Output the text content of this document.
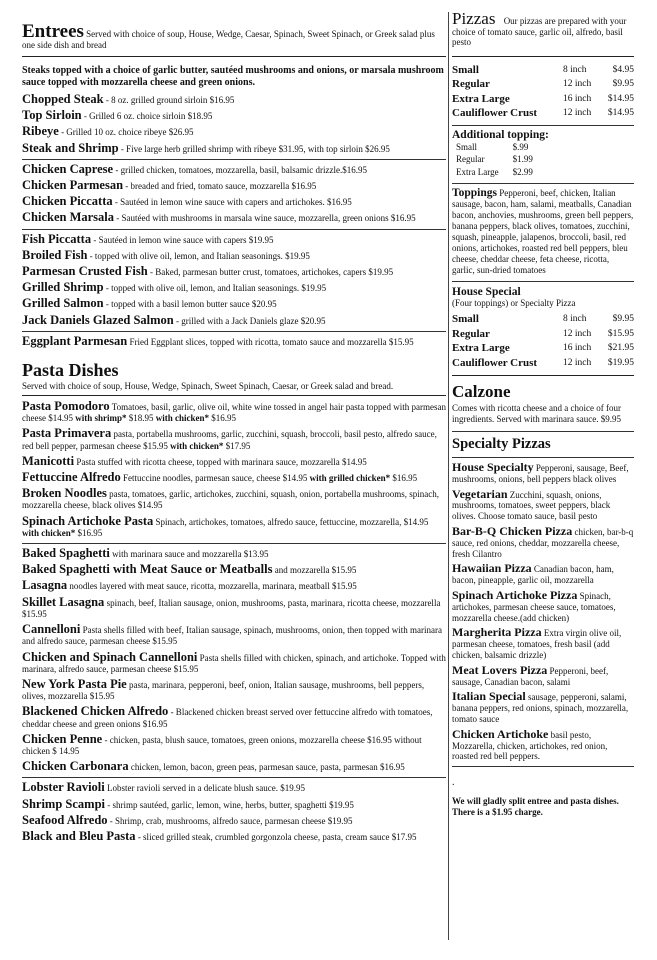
Entrees Served with choice of soup, House, Wedge, Caesar, Spinach, Sweet Spinach, or Greek salad plus one side dish and bread
Steaks topped with a choice of garlic butter, sautéed mushrooms and onions, or marsala mushroom sauce topped with mozzarella cheese and green onions.
Chopped Steak - 8 oz. grilled ground sirloin $16.95
Top Sirloin - Grilled 6 oz. choice sirloin $18.95
Ribeye - Grilled 10 oz. choice ribeye $26.95
Steak and Shrimp - Five large herb grilled shrimp with ribeye $31.95, with top sirloin $26.95
Chicken Caprese - grilled chicken, tomatoes, mozzarella, basil, balsamic drizzle.$16.95
Chicken Parmesan - breaded and fried, tomato sauce, mozzarella $16.95
Chicken Piccatta - Sautéed in lemon wine sauce with capers and artichokes. $16.95
Chicken Marsala - Sautéed with mushrooms in marsala wine sauce, mozzarella, green onions $16.95
Fish Piccatta - Sautéed in lemon wine sauce with capers $19.95
Broiled Fish - topped with olive oil, lemon, and Italian seasonings. $19.95
Parmesan Crusted Fish - Baked, parmesan butter crust, tomatoes, artichokes, capers $19.95
Grilled Shrimp - topped with olive oil, lemon, and Italian seasonings. $19.95
Grilled Salmon - topped with a basil lemon butter sauce $20.95
Jack Daniels Glazed Salmon - grilled with a Jack Daniels glaze $20.95
Eggplant Parmesan Fried Eggplant slices, topped with ricotta, tomato sauce and mozzarella $15.95
Pasta Dishes
Served with choice of soup, House, Wedge, Spinach, Sweet Spinach, Caesar, or Greek salad and bread.
Pasta Pomodoro Tomatoes, basil, garlic, olive oil, white wine tossed in angel hair pasta topped with parmesan cheese $14.95 with shrimp* $18.95 with chicken* $16.95
Pasta Primavera pasta, portabella mushrooms, garlic, zucchini, squash, broccoli, basil pesto, alfredo sauce, red bell pepper, parmesan cheese $15.95 with chicken* $17.95
Manicotti Pasta stuffed with ricotta cheese, topped with marinara sauce, mozzarella $14.95
Fettuccine Alfredo Fettuccine noodles, parmesan sauce, cheese $14.95 with grilled chicken* $16.95
Broken Noodles pasta, tomatoes, garlic, artichokes, zucchini, squash, onion, portabella mushrooms, spinach, mozzarella cheese, black olives $14.95
Spinach Artichoke Pasta Spinach, artichokes, tomatoes, alfredo sauce, fettuccine, mozzarella, $14.95 with chicken* $16.95
Baked Spaghetti with marinara sauce and mozzarella $13.95
Baked Spaghetti with Meat Sauce or Meatballs and mozzarella $15.95
Lasagna noodles layered with meat sauce, ricotta, mozzarella, marinara, meatball $15.95
Skillet Lasagna spinach, beef, Italian sausage, onion, mushrooms, pasta, marinara, ricotta cheese, mozzarella $15.95
Cannelloni Pasta shells filled with beef, Italian sausage, spinach, mushrooms, onion, then topped with marinara and alfredo sauce, parmesan cheese $15.95
Chicken and Spinach Cannelloni Pasta shells filled with chicken, spinach, and artichoke. Topped with marinara, alfredo sauce, parmesan cheese $15.95
New York Pasta Pie pasta, marinara, pepperoni, beef, onion, Italian sausage, mushrooms, bell peppers, olives, mozzarella $15.95
Blackened Chicken Alfredo - Blackened chicken breast served over fettuccine alfredo with tomatoes, cheddar cheese and green onions $16.95
Chicken Penne - chicken, pasta, blush sauce, tomatoes, green onions, mozzarella cheese $16.95 without chicken $ 14.95
Chicken Carbonara chicken, lemon, bacon, green peas, parmesan sauce, pasta, parmesan $16.95
Lobster Ravioli Lobster ravioli served in a delicate blush sauce. $19.95
Shrimp Scampi - shrimp sautéed, garlic, lemon, wine, herbs, butter, spaghetti $19.95
Seafood Alfredo - Shrimp, crab, mushrooms, alfredo sauce, parmesan cheese $19.95
Black and Bleu Pasta - sliced grilled steak, crumbled gorgonzola cheese, pasta, cream sauce $17.95
Pizzas Our pizzas are prepared with your choice of tomato sauce, garlic oil, alfredo, basil pesto
Small	8 inch	$4.95
Regular	12 inch	$9.95
Extra Large	16 inch	$14.95
Cauliflower Crust	12 inch	$14.95
Additional topping:
Small	$.99
Regular	$1.99
Extra Large	$2.99
Toppings Pepperoni, beef, chicken, Italian sausage, bacon, ham, salami, meatballs, Canadian bacon, anchovies, mushrooms, green bell peppers, banana peppers, black olives, tomatoes, zucchini, squash, pineapple, jalapenos, broccoli, basil, red onions, artichokes, roasted red bell peppers, bleu cheese, cheddar cheese, feta cheese, ricotta, garlic, sun-dried tomatoes
House Special
(Four toppings) or Specialty Pizza
Small	8 inch	$9.95
Regular	12 inch	$15.95
Extra Large	16 inch	$21.95
Cauliflower Crust	12 inch	$19.95
Calzone
Comes with ricotta cheese and a choice of four ingredients. Served with marinara sauce. $9.95
Specialty Pizzas
House Specialty Pepperoni, sausage, Beef, mushrooms, onions, bell peppers black olives
Vegetarian Zucchini, squash, onions, mushrooms, tomatoes, sweet peppers, black olives. Choose tomato sauce, basil pesto
Bar-B-Q Chicken Pizza chicken, bar-b-q sauce, red onions, cheddar, mozzarella cheese, fresh Cilantro
Hawaiian Pizza Canadian bacon, ham, bacon, pineapple, garlic oil, mozzarella
Spinach Artichoke Pizza Spinach, artichokes, parmesan cheese sauce, tomatoes, mozzarella cheese.(add chicken)
Margherita Pizza Extra virgin olive oil, parmesan cheese, tomatoes, fresh basil (add chicken, balsamic drizzle)
Meat Lovers Pizza Pepperoni, beef, sausage, Canadian bacon, salami
Italian Special sausage, pepperoni, salami, banana peppers, red onions, spinach, mozzarella, tomato sauce
Chicken Artichoke basil pesto, Mozzarella, chicken, artichokes, red onion, roasted red bell peppers.
.
We will gladly split entree and pasta dishes. There is a $1.95 charge.
